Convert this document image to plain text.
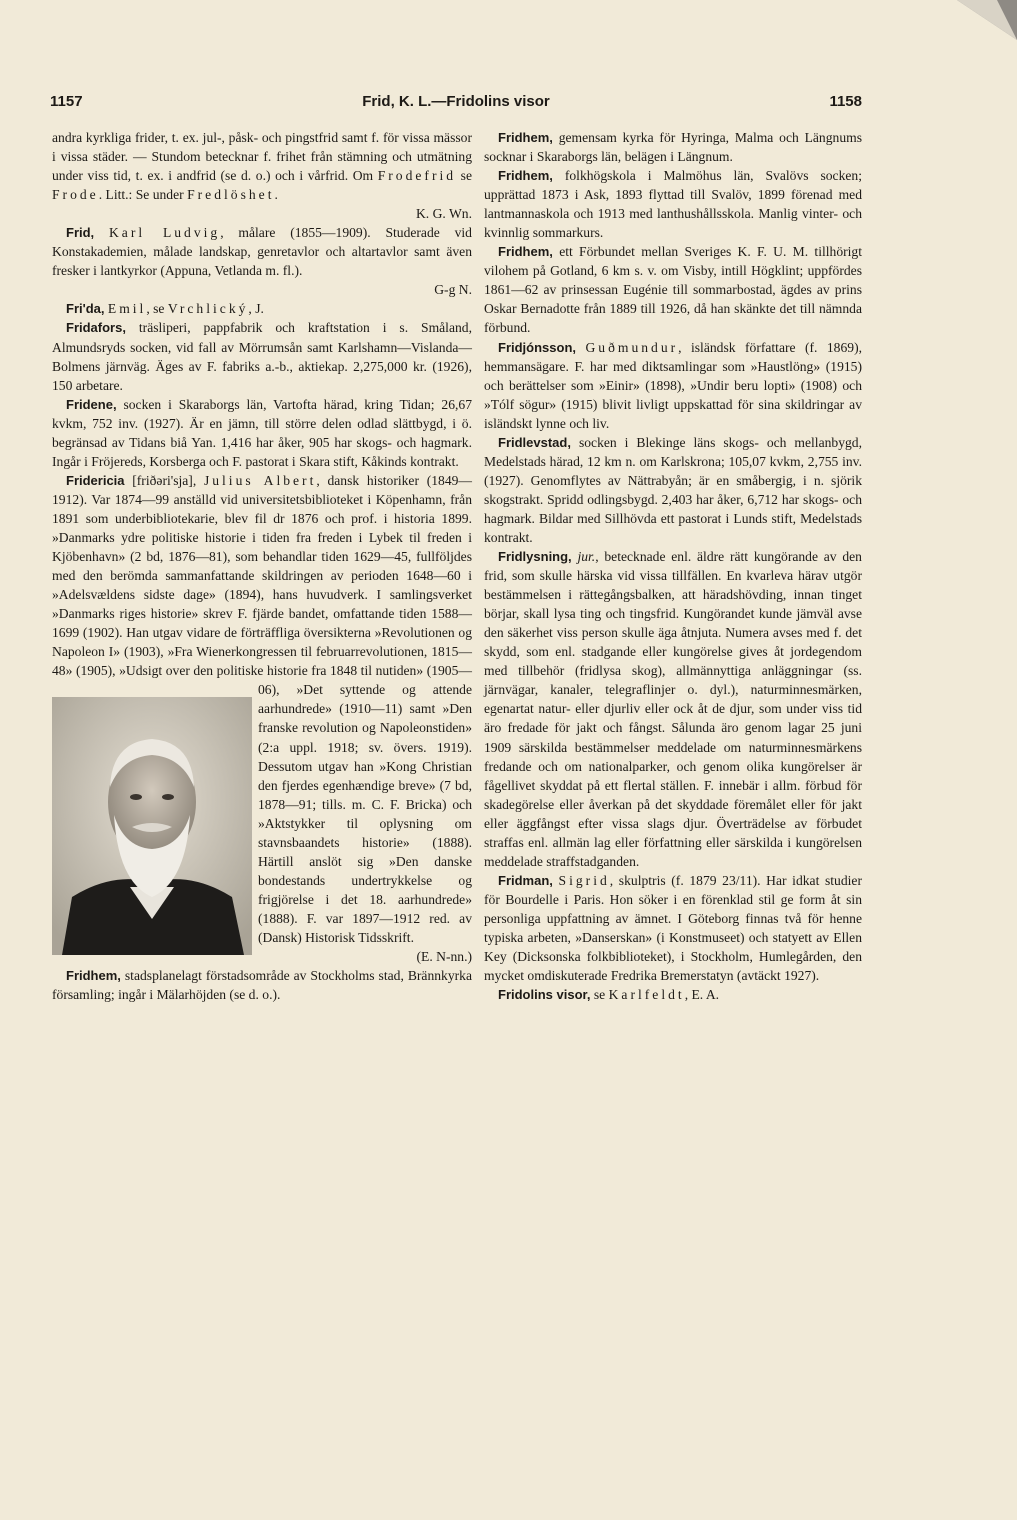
1157	Frid, K. L.—Fridolins visor	1158

andra kyrkliga frider, t. ex. jul-, påsk- och pingstfrid samt f. för vissa mässor i vissa städer. — Stundom betecknar f. frihet från stämning och utmätning under viss tid, t. ex. i andfrid (se d. o.) och i vårfrid. Om Frodefrid se Frode. Litt.: Se under Fredlöshet.
K. G. Wn.

Frid, Karl Ludvig, målare (1855—1909). Studerade vid Konstakademien, målade landskap, genretavlor och altartavlor samt även fresker i lantkyrkor (Appuna, Vetlanda m. fl.).
G-g N.

Fri'da, Emil, se Vrchlický, J.

Fridafors, träsliperi, pappfabrik och kraftstation i s. Småland, Almundsryds socken, vid fall av Mörrumsån samt Karlshamn—Vislanda—Bolmens järnväg. Äges av F. fabriks a.-b., aktiekap. 2,275,000 kr. (1926), 150 arbetare.

Fridene, socken i Skaraborgs län, Vartofta härad, kring Tidan; 26,67 kvkm, 752 inv. (1927). Är en jämn, till större delen odlad slättbygd, i ö. begränsad av Tidans biå Yan. 1,416 har åker, 905 har skogs- och hagmark. Ingår i Fröjereds, Korsberga och F. pastorat i Skara stift, Kåkinds kontrakt.

Fridericia [friðəri'sja], Julius Albert, dansk historiker (1849—1912). Var 1874—99 anställd vid universitetsbiblioteket i Köpenhamn, från 1891 som underbibliotekarie, blev fil dr 1876 och prof. i historia 1899. »Danmarks ydre politiske historie i tiden fra freden i Lybek til freden i Kjöbenhavn» (2 bd, 1876—81), som behandlar tiden 1629—45, fullföljdes med den berömda sammanfattande skildringen av perioden 1648—60 i »Adelsvældens sidste dage» (1894), hans huvudverk. I samlingsverket »Danmarks riges historie» skrev F. fjärde bandet, omfattande tiden 1588—1699 (1902). Han utgav vidare de förträffliga översikterna »Revolutionen og Napoleon I» (1903), »Fra Wienerkongressen til februarrevolutionen, 1815—48» (1905), »Udsigt over den politiske historie fra 1848 til nutiden» (1905—06), »Det syttende og attende aarhundrede» (1910—11) samt »Den franske revolution og Napoleonstiden» (2:a uppl. 1918; sv. övers. 1919). Dessutom utgav han »Kong Christian den fjerdes egenhændige breve» (7 bd, 1878—91; tills. m. C. F. Bricka) och »Aktstykker til oplysning om stavnsbaandets historie» (1888). Härtill anslöt sig »Den danske bondestands undertrykkelse og frigjörelse i det 18. aarhundrede» (1888). F. var 1897—1912 red. av (Dansk) Historisk Tidsskrift.
(E. N-nn.)

Fridhem, stadsplanelagt förstadsområde av Stockholms stad, Brännkyrka församling; ingår i Mälarhöjden (se d. o.).

Fridhem, gemensam kyrka för Hyringa, Malma och Längnums socknar i Skaraborgs län, belägen i Längnum.

Fridhem, folkhögskola i Malmöhus län, Svalövs socken; upprättad 1873 i Ask, 1893 flyttad till Svalöv, 1899 förenad med lantmannaskola och 1913 med lanthushållsskola. Manlig vinter- och kvinnlig sommarkurs.

Fridhem, ett Förbundet mellan Sveriges K. F. U. M. tillhörigt vilohem på Gotland, 6 km s. v. om Visby, intill Högklint; uppfördes 1861—62 av prinsessan Eugénie till sommarbostad, ägdes av prins Oskar Bernadotte från 1889 till 1926, då han skänkte det till nämnda förbund.

Fridjónsson, Guðmundur, isländsk författare (f. 1869), hemmansägare. F. har med diktsamlingar som »Haustlöng» (1915) och berättelser som »Einir» (1898), »Undir beru lopti» (1908) och »Tólf sögur» (1915) blivit livligt uppskattad för sina skildringar av isländskt lynne och liv.

Fridlevstad, socken i Blekinge läns skogs- och mellanbygd, Medelstads härad, 12 km n. om Karlskrona; 105,07 kvkm, 2,755 inv. (1927). Genomflytes av Nättrabyån; är en småbergig, i n. sjörik skogstrakt. Spridd odlingsbygd. 2,403 har åker, 6,712 har skogs- och hagmark. Bildar med Sillhövda ett pastorat i Lunds stift, Medelstads kontrakt.

Fridlysning, jur., betecknade enl. äldre rätt kungörande av den frid, som skulle härska vid vissa tillfällen. En kvarleva härav utgör bestämmelsen i rättegångsbalken, att häradshövding, innan tinget börjar, skall lysa ting och tingsfrid. Kungörandet kunde jämväl avse den säkerhet viss person skulle äga åtnjuta. Numera avses med f. det skydd, som enl. stadgande eller kungörelse gives åt jordegendom med tillbehör (fridlysa skog), allmännyttiga anläggningar (ss. järnvägar, kanaler, telegraflinjer o. dyl.), naturminnesmärken, egenartat natur- eller djurliv eller ock åt de djur, som under viss tid äro fredade för jakt och fångst. Sålunda äro genom lagar 25 juni 1909 särskilda bestämmelser meddelade om naturminnesmärkens fredande och om nationalparker, och genom olika kungörelser är fågellivet skyddat på ett flertal ställen. F. innebär i allm. förbud för skadegörelse eller åverkan på det skyddade föremålet eller för jakt eller äggfångst efter vissa slags djur. Överträdelse av förbudet straffas enl. allmän lag eller författning eller särskilda i kungörelsen meddelade straffstadganden.

Fridman, Sigrid, skulptris (f. 1879 23/11). Har idkat studier för Bourdelle i Paris. Hon söker i en förenklad stil ge form åt sin personliga uppfattning av ämnet. I Göteborg finnas två för henne typiska arbeten, »Danserskan» (i Konstmuseet) och statyett av Ellen Key (Dicksonska folkbiblioteket), i Stockholm, Humlegården, den mycket omdiskuterade Fredrika Bremerstatyn (avtäckt 1927).

Fridolins visor, se Karlfeldt, E. A.
